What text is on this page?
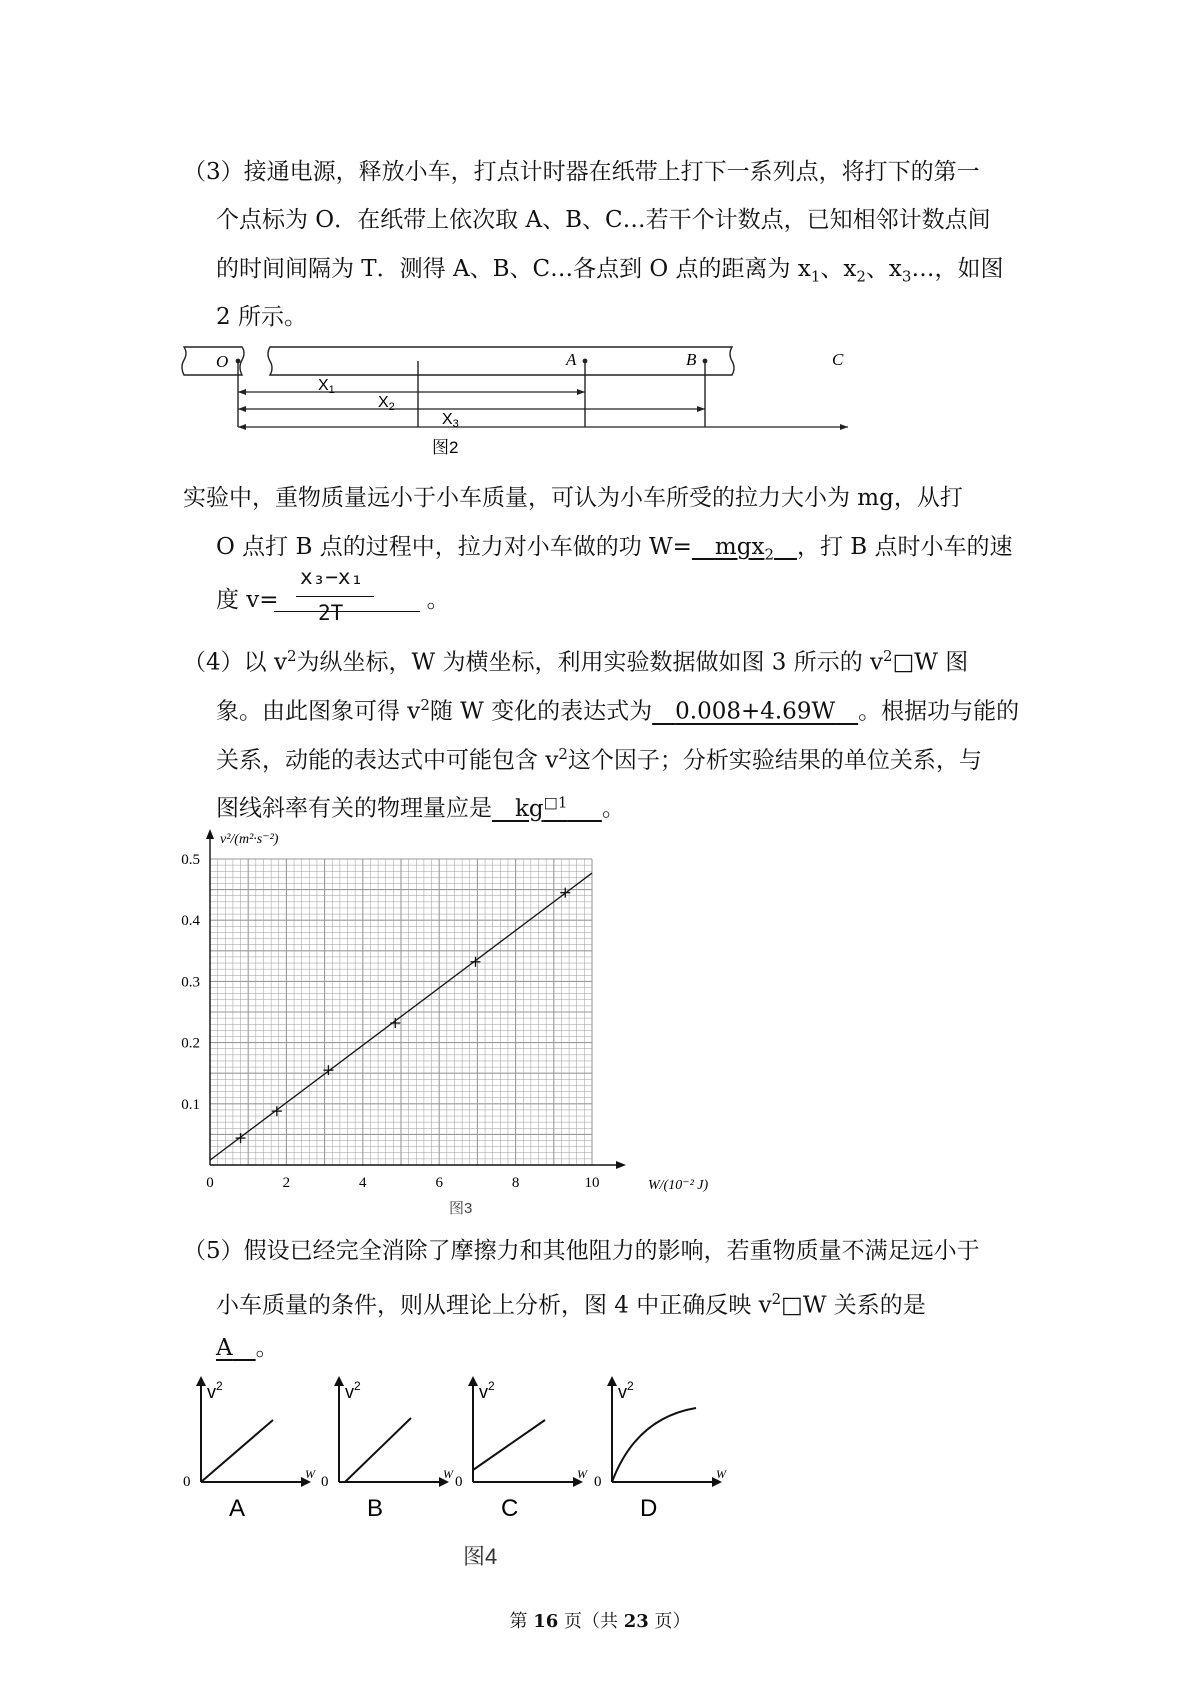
（3）接通电源，释放小车，打点计时器在纸带上打下一系列点，将打下的第一
个点标为 O．在纸带上依次取 A、B、C…若干个计数点，已知相邻计数点间
的时间间隔为 T．测得 A、B、C…各点到 O 点的距离为 $x_1$、$x_2$、$x_3\dots$，如图
2 所示。
O	A	B	C
X1
X2
X3
图2
实验中，重物质量远小于小车质量，可认为小车所受的拉力大小为 mg，从打
O 点打 B 点的过程中，拉力对小车做的功 W=   mgx$_2$   ，打 B 点时小车的速
度 v=	。
x₃−x₁
2T
（4）以 $v^2$为纵坐标，W 为横坐标，利用实验数据做如图 3 所示的 $v^2□W$ 图
象。由此图象可得 $v^2$随 W 变化的表达式为   0.008+4.69W   。根据功与能的
关系，动能的表达式中可能包含 $v^2$这个因子；分析实验结果的单位关系，与
图线斜率有关的物理量应是   $kg^{□1}$    。
0	2	4	6	8	10
0.1
0.2
0.3
0.4
0.5
v²/(m²·s⁻²)
W/(10⁻² J)
图3
（5）假设已经完全消除了摩擦力和其他阻力的影响，若重物质量不满足远小于
小车质量的条件，则从理论上分析，图 4 中正确反映 $v^2□W$ 关系的是
A   。
$v^2$
0	W
A
$v^2$
0	W
B
$v^2$
0	W
C
$v^2$
0	W
D
图4
第 16 页（共 23 页）
